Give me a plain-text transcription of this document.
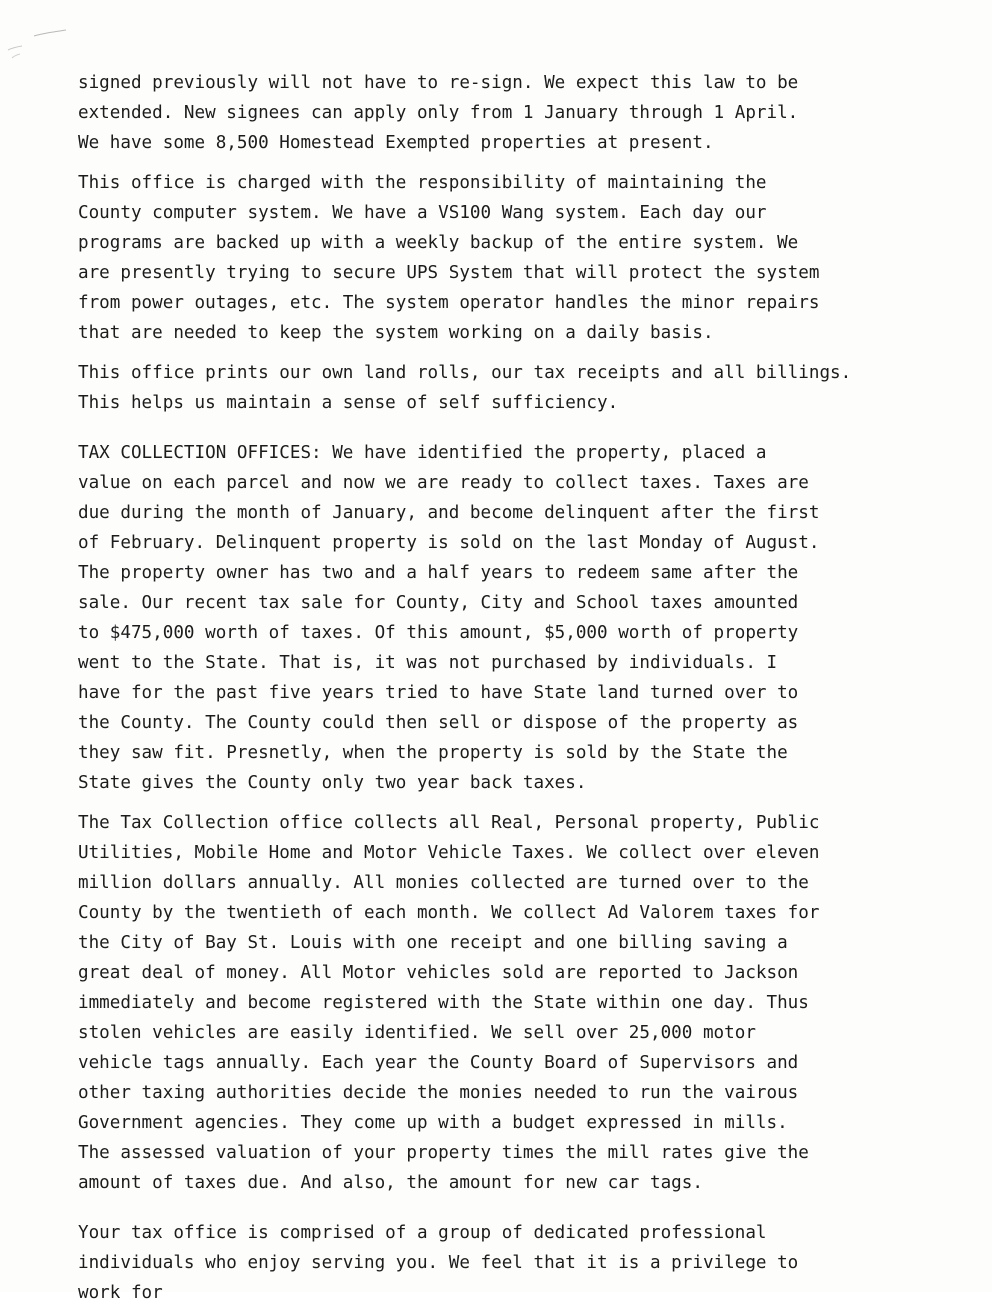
signed previously will not have to re-sign. We expect this law to be
extended. New signees can apply only from 1 January through 1 April.
We have some 8,500 Homestead Exempted properties at present.

This office is charged with the responsibility of maintaining the
County computer system. We have a VS100 Wang system. Each day our
programs are backed up with a weekly backup of the entire system. We
are presently trying to secure UPS System that will protect the system
from power outages, etc. The system operator handles the minor repairs
that are needed to keep the system working on a daily basis.

This office prints our own land rolls, our tax receipts and all billings.
This helps us maintain a sense of self sufficiency.

TAX COLLECTION OFFICES: We have identified the property, placed a
value on each parcel and now we are ready to collect taxes. Taxes are
due during the month of January, and become delinquent after the first
of February. Delinquent property is sold on the last Monday of August.
The property owner has two and a half years to redeem same after the
sale. Our recent tax sale for County, City and School taxes amounted
to $475,000 worth of taxes. Of this amount, $5,000 worth of property
went to the State. That is, it was not purchased by individuals. I
have for the past five years tried to have State land turned over to
the County. The County could then sell or dispose of the property as
they saw fit. Presnetly, when the property is sold by the State the
State gives the County only two year back taxes.

The Tax Collection office collects all Real, Personal property, Public
Utilities, Mobile Home and Motor Vehicle Taxes. We collect over eleven
million dollars annually. All monies collected are turned over to the
County by the twentieth of each month. We collect Ad Valorem taxes for
the City of Bay St. Louis with one receipt and one billing saving a
great deal of money. All Motor vehicles sold are reported to Jackson
immediately and become registered with the State within one day. Thus
stolen vehicles are easily identified. We sell over 25,000 motor
vehicle tags annually. Each year the County Board of Supervisors and
other taxing authorities decide the monies needed to run the vairous
Government agencies. They come up with a budget expressed in mills.
The assessed valuation of your property times the mill rates give the
amount of taxes due. And also, the amount for new car tags.

Your tax office is comprised of a group of dedicated professional
individuals who enjoy serving you. We feel that it is a privilege to
work for
